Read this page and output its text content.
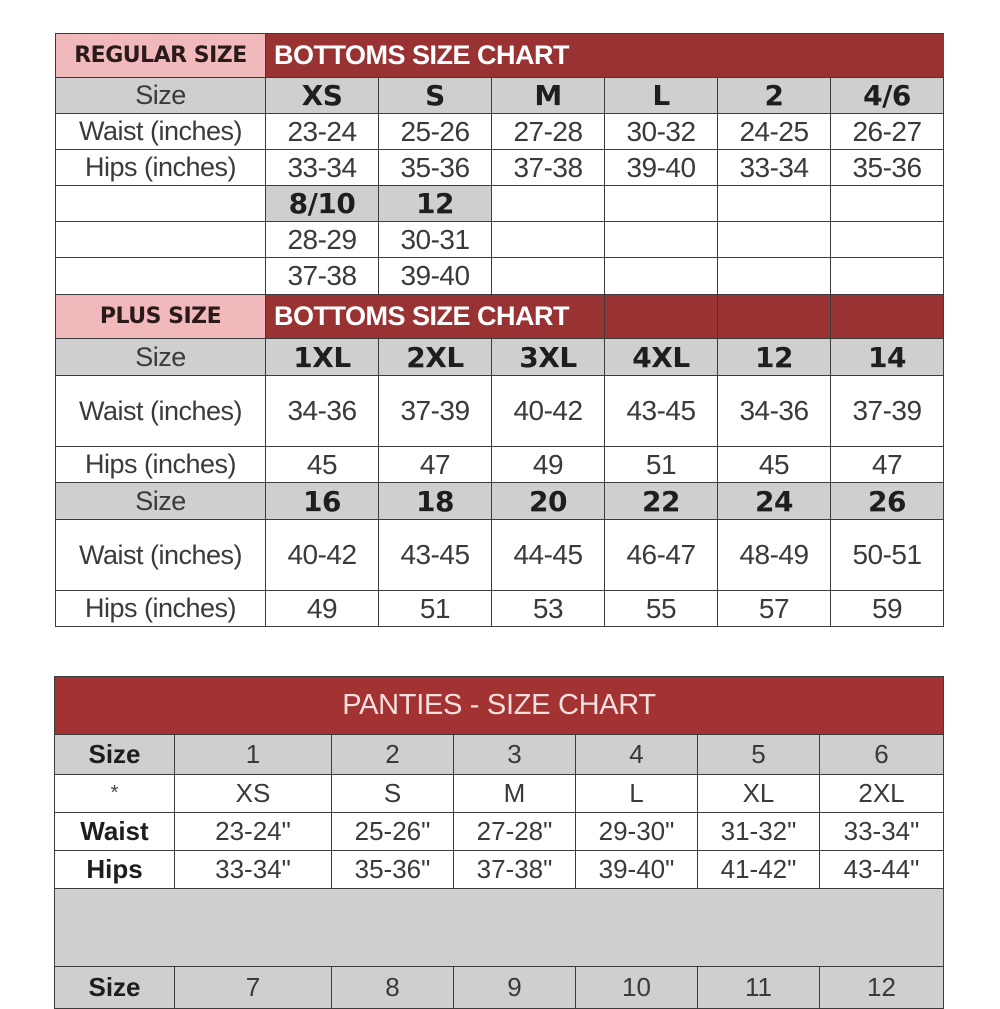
REGULAR SIZE	BOTTOMS SIZE CHART					
Size	XS	S	M	L	2	4/6
Waist (inches)	23-24	25-26	27-28	30-32	24-25	26-27
Hips (inches)	33-34	35-36	37-38	39-40	33-34	35-36
	8/10	12				
	28-29	30-31				
	37-38	39-40				
PLUS SIZE	BOTTOMS SIZE CHART					
Size	1XL	2XL	3XL	4XL	12	14
Waist (inches)	34-36	37-39	40-42	43-45	34-36	37-39
Hips (inches)	45	47	49	51	45	47
Size	16	18	20	22	24	26
Waist (inches)	40-42	43-45	44-45	46-47	48-49	50-51
Hips (inches)	49	51	53	55	57	59
PANTIES - SIZE CHART						
Size	1	2	3	4	5	6
*	XS	S	M	L	XL	2XL
Waist	23-24"	25-26"	27-28"	29-30"	31-32"	33-34"
Hips	33-34"	35-36"	37-38"	39-40"	41-42"	43-44"

Size	7	8	9	10	11	12
